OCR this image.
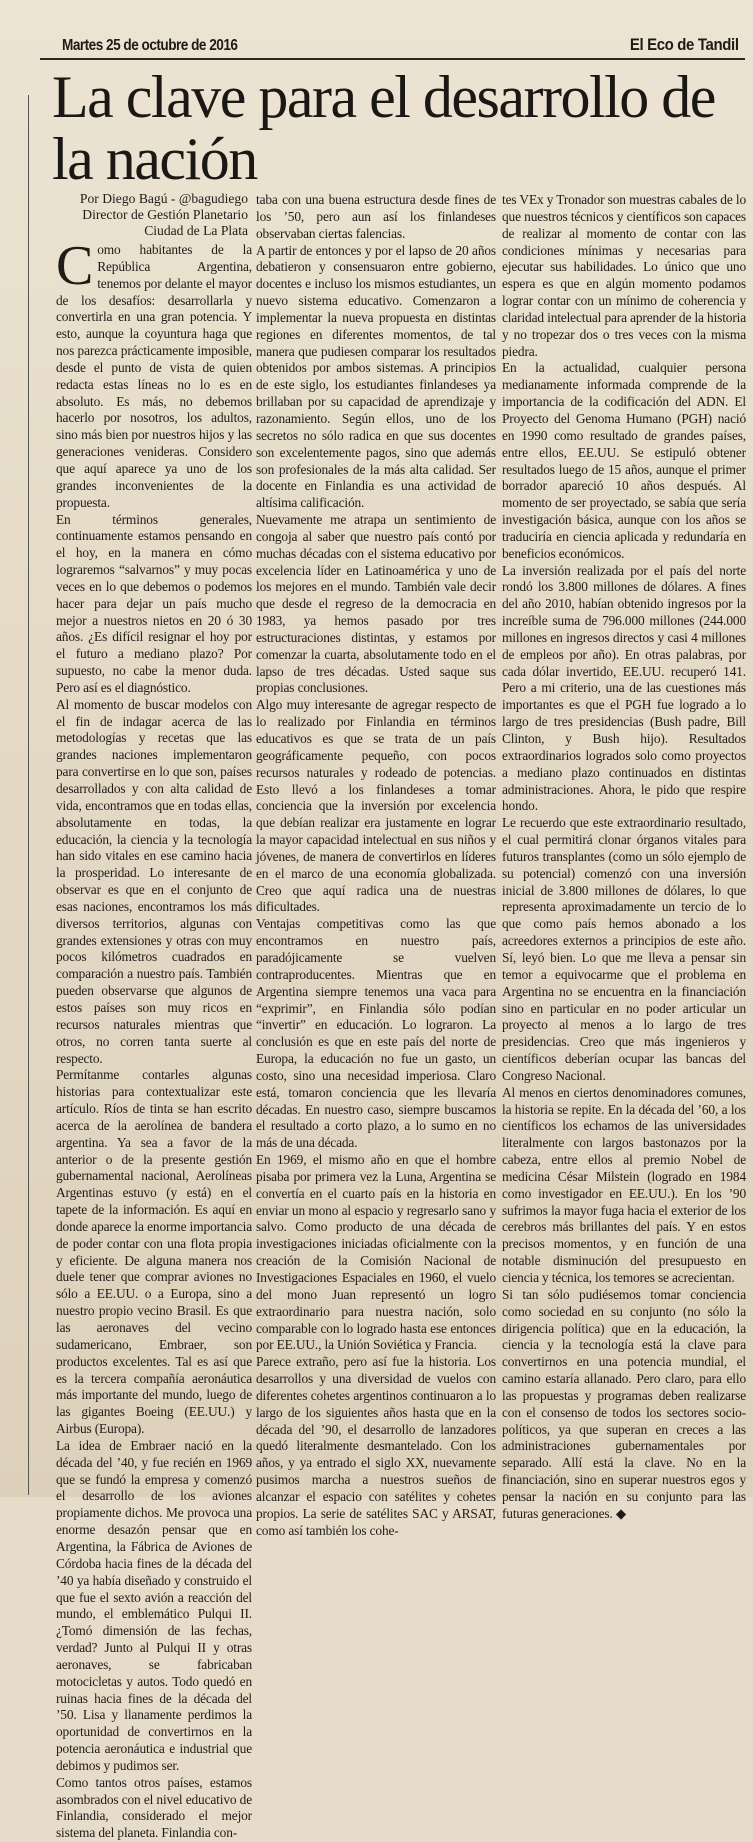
Martes 25 de octubre de 2016	El Eco de Tandil
La clave para el desarrollo de la nación
Por Diego Bagú - @bagudiego
Director de Gestión Planetario
Ciudad de La Plata

Como habitantes de la República Argentina, tenemos por delante el mayor de los desafíos: desarrollarla y convertirla en una gran potencia. Y esto, aunque la coyuntura haga que nos parezca prácticamente imposible, desde el punto de vista de quien redacta estas líneas no lo es en absoluto. Es más, no debemos hacerlo por nosotros, los adultos, sino más bien por nuestros hijos y las generaciones venideras. Considero que aquí aparece ya uno de los grandes inconvenientes de la propuesta.

En términos generales, continuamente estamos pensando en el hoy, en la manera en cómo lograremos “salvarnos” y muy pocas veces en lo que debemos o podemos hacer para dejar un país mucho mejor a nuestros nietos en 20 ó 30 años. ¿Es difícil resignar el hoy por el futuro a mediano plazo? Por supuesto, no cabe la menor duda. Pero así es el diagnóstico.

Al momento de buscar modelos con el fin de indagar acerca de las metodologías y recetas que las grandes naciones implementaron para convertirse en lo que son, países desarrollados y con alta calidad de vida, encontramos que en todas ellas, absolutamente en todas, la educación, la ciencia y la tecnología han sido vitales en ese camino hacia la prosperidad. Lo interesante de observar es que en el conjunto de esas naciones, encontramos los más diversos territorios, algunas con grandes extensiones y otras con muy pocos kilómetros cuadrados en comparación a nuestro país. También pueden observarse que algunos de estos países son muy ricos en recursos naturales mientras que otros, no corren tanta suerte al respecto.

Permítanme contarles algunas historias para contextualizar este artículo. Ríos de tinta se han escrito acerca de la aerolínea de bandera argentina. Ya sea a favor de la anterior o de la presente gestión gubernamental nacional, Aerolíneas Argentinas estuvo (y está) en el tapete de la información. Es aquí en donde aparece la enorme importancia de poder contar con una flota propia y eficiente. De alguna manera nos duele tener que comprar aviones no sólo a EE.UU. o a Europa, sino a nuestro propio vecino Brasil. Es que las aeronaves del vecino sudamericano, Embraer, son productos excelentes. Tal es así que es la tercera compañía aeronáutica más importante del mundo, luego de las gigantes Boeing (EE.UU.) y Airbus (Europa).

La idea de Embraer nació en la década del ’40, y fue recién en 1969 que se fundó la empresa y comenzó el desarrollo de los aviones propiamente dichos. Me provoca una enorme desazón pensar que en Argentina, la Fábrica de Aviones de Córdoba hacia fines de la década del ’40 ya había diseñado y construido el que fue el sexto avión a reacción del mundo, el emblemático Pulqui II. ¿Tomó dimensión de las fechas, verdad? Junto al Pulqui II y otras aeronaves, se fabricaban motocicletas y autos. Todo quedó en ruinas hacia fines de la década del ’50. Lisa y llanamente perdimos la oportunidad de convertirnos en la potencia aeronáutica e industrial que debimos y pudimos ser.

Como tantos otros países, estamos asombrados con el nivel educativo de Finlandia, considerado el mejor sistema del planeta. Finlandia con-

taba con una buena estructura desde fines de los ’50, pero aun así los finlandeses observaban ciertas falencias.

A partir de entonces y por el lapso de 20 años debatieron y consensuaron entre gobierno, docentes e incluso los mismos estudiantes, un nuevo sistema educativo. Comenzaron a implementar la nueva propuesta en distintas regiones en diferentes momentos, de tal manera que pudiesen comparar los resultados obtenidos por ambos sistemas. A principios de este siglo, los estudiantes finlandeses ya brillaban por su capacidad de aprendizaje y razonamiento. Según ellos, uno de los secretos no sólo radica en que sus docentes son excelentemente pagos, sino que además son profesionales de la más alta calidad. Ser docente en Finlandia es una actividad de altísima calificación.

Nuevamente me atrapa un sentimiento de congoja al saber que nuestro país contó por muchas décadas con el sistema educativo por excelencia líder en Latinoamérica y uno de los mejores en el mundo. También vale decir que desde el regreso de la democracia en 1983, ya hemos pasado por tres estructuraciones distintas, y estamos por comenzar la cuarta, absolutamente todo en el lapso de tres décadas. Usted saque sus propias conclusiones.

Algo muy interesante de agregar respecto de lo realizado por Finlandia en términos educativos es que se trata de un país geográficamente pequeño, con pocos recursos naturales y rodeado de potencias. Esto llevó a los finlandeses a tomar conciencia que la inversión por excelencia que debían realizar era justamente en lograr la mayor capacidad intelectual en sus niños y jóvenes, de manera de convertirlos en líderes en el marco de una economía globalizada. Creo que aquí radica una de nuestras dificultades.

Ventajas competitivas como las que encontramos en nuestro país, paradójicamente se vuelven contraproducentes. Mientras que en Argentina siempre tenemos una vaca para “exprimir”, en Finlandia sólo podían “invertir” en educación. Lo lograron. La conclusión es que en este país del norte de Europa, la educación no fue un gasto, un costo, sino una necesidad imperiosa. Claro está, tomaron conciencia que les llevaría décadas. En nuestro caso, siempre buscamos el resultado a corto plazo, a lo sumo en no más de una década.

En 1969, el mismo año en que el hombre pisaba por primera vez la Luna, Argentina se convertía en el cuarto país en la historia en enviar un mono al espacio y regresarlo sano y salvo. Como producto de una década de investigaciones iniciadas oficialmente con la creación de la Comisión Nacional de Investigaciones Espaciales en 1960, el vuelo del mono Juan representó un logro extraordinario para nuestra nación, solo comparable con lo logrado hasta ese entonces por EE.UU., la Unión Soviética y Francia.

Parece extraño, pero así fue la historia. Los desarrollos y una diversidad de vuelos con diferentes cohetes argentinos continuaron a lo largo de los siguientes años hasta que en la década del ’90, el desarrollo de lanzadores quedó literalmente desmantelado. Con los años, y ya entrado el siglo XX, nuevamente pusimos marcha a nuestros sueños de alcanzar el espacio con satélites y cohetes propios. La serie de satélites SAC y ARSAT, como así también los cohe-

tes VEx y Tronador son muestras cabales de lo que nuestros técnicos y científicos son capaces de realizar al momento de contar con las condiciones mínimas y necesarias para ejecutar sus habilidades. Lo único que uno espera es que en algún momento podamos lograr contar con un mínimo de coherencia y claridad intelectual para aprender de la historia y no tropezar dos o tres veces con la misma piedra.

En la actualidad, cualquier persona medianamente informada comprende de la importancia de la codificación del ADN. El Proyecto del Genoma Humano (PGH) nació en 1990 como resultado de grandes países, entre ellos, EE.UU. Se estipuló obtener resultados luego de 15 años, aunque el primer borrador apareció 10 años después. Al momento de ser proyectado, se sabía que sería investigación básica, aunque con los años se traduciría en ciencia aplicada y redundaría en beneficios económicos.

La inversión realizada por el país del norte rondó los 3.800 millones de dólares. A fines del año 2010, habían obtenido ingresos por la increíble suma de 796.000 millones (244.000 millones en ingresos directos y casi 4 millones de empleos por año). En otras palabras, por cada dólar invertido, EE.UU. recuperó 141. Pero a mi criterio, una de las cuestiones más importantes es que el PGH fue logrado a lo largo de tres presidencias (Bush padre, Bill Clinton, y Bush hijo). Resultados extraordinarios logrados solo como proyectos a mediano plazo continuados en distintas administraciones. Ahora, le pido que respire hondo.

Le recuerdo que este extraordinario resultado, el cual permitirá clonar órganos vitales para futuros transplantes (como un sólo ejemplo de su potencial) comenzó con una inversión inicial de 3.800 millones de dólares, lo que representa aproximadamente un tercio de lo que como país hemos abonado a los acreedores externos a principios de este año. Sí, leyó bien. Lo que me lleva a pensar sin temor a equivocarme que el problema en Argentina no se encuentra en la financiación sino en particular en no poder articular un proyecto al menos a lo largo de tres presidencias. Creo que más ingenieros y científicos deberían ocupar las bancas del Congreso Nacional.

Al menos en ciertos denominadores comunes, la historia se repite. En la década del ’60, a los científicos los echamos de las universidades literalmente con largos bastonazos por la cabeza, entre ellos al premio Nobel de medicina César Milstein (logrado en 1984 como investigador en EE.UU.). En los ’90 sufrimos la mayor fuga hacia el exterior de los cerebros más brillantes del país. Y en estos precisos momentos, y en función de una notable disminución del presupuesto en ciencia y técnica, los temores se acrecientan.

Si tan sólo pudiésemos tomar conciencia como sociedad en su conjunto (no sólo la dirigencia política) que en la educación, la ciencia y la tecnología está la clave para convertirnos en una potencia mundial, el camino estaría allanado. Pero claro, para ello las propuestas y programas deben realizarse con el consenso de todos los sectores socio-políticos, ya que superan en creces a las administraciones gubernamentales por separado. Allí está la clave. No en la financiación, sino en superar nuestros egos y pensar la nación en su conjunto para las futuras generaciones. ◆
